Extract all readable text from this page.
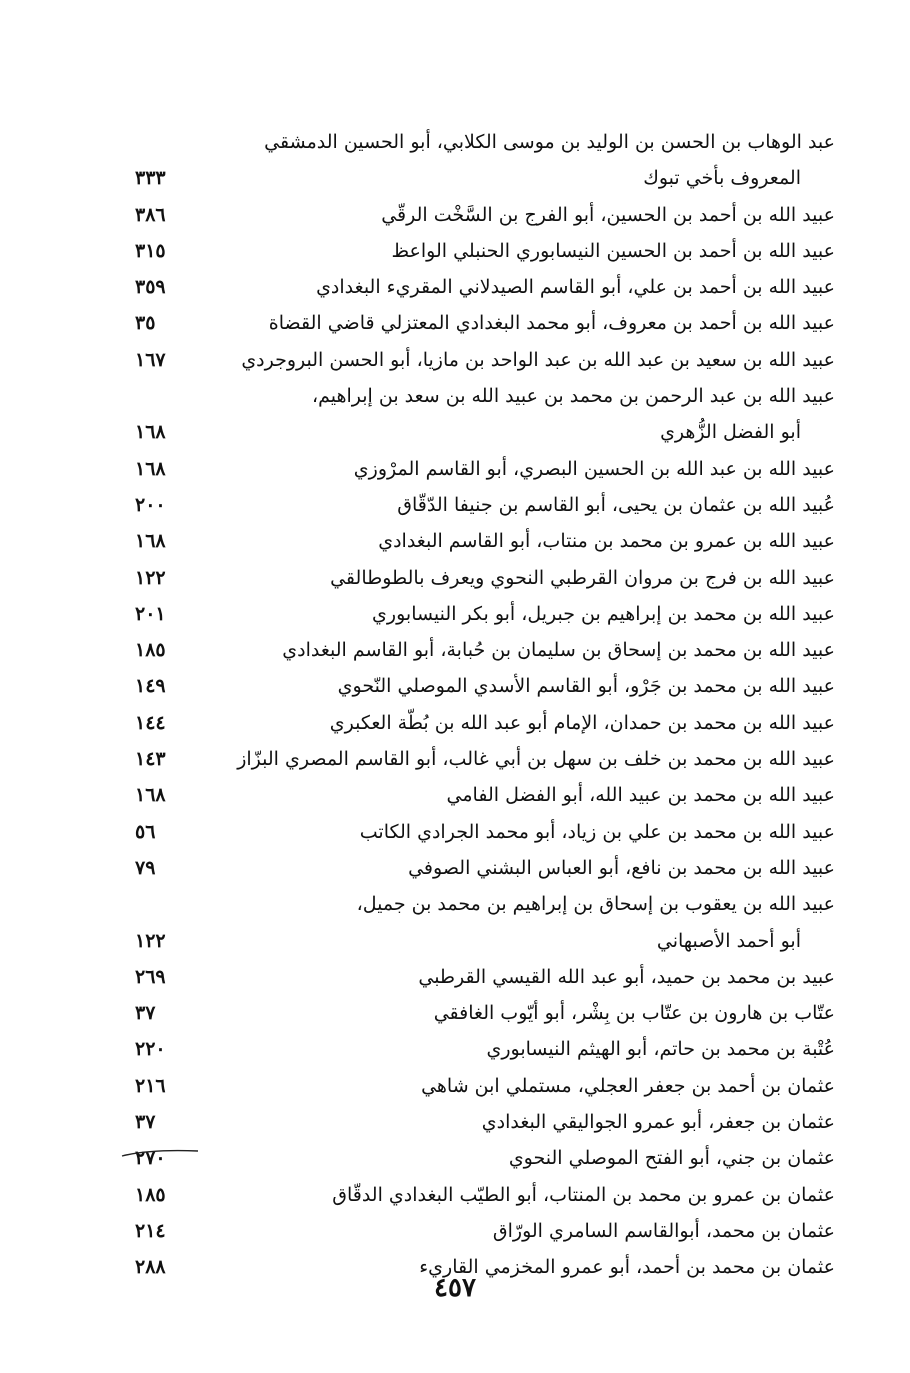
عبد الوهاب بن الحسن بن الوليد بن موسى الكلابي، أبو الحسين الدمشقي
المعروف بأخي تبوك
٣٣٣
عبيد الله بن أحمد بن الحسين، أبو الفرج بن السَّخْت الرقّي
٣٨٦
عبيد الله بن أحمد بن الحسين النيسابوري الحنبلي الواعظ
٣١٥
عبيد الله بن أحمد بن علي، أبو القاسم الصيدلاني المقريء البغدادي
٣٥٩
عبيد الله بن أحمد بن معروف، أبو محمد البغدادي المعتزلي قاضي القضاة
٣٥
عبيد الله بن سعيد بن عبد الله بن عبد الواحد بن مازيا، أبو الحسن البروجردي
١٦٧
عبيد الله بن عبد الرحمن بن محمد بن عبيد الله بن سعد بن إبراهيم،
أبو الفضل الزُّهري
١٦٨
عبيد الله بن عبد الله بن الحسين البصري، أبو القاسم المرْوزي
١٦٨
عُبيد الله بن عثمان بن يحيى، أبو القاسم بن جنيفا الدّقّاق
٢٠٠
عبيد الله بن عمرو بن محمد بن منتاب، أبو القاسم البغدادي
١٦٨
عبيد الله بن فرج بن مروان القرطبي النحوي ويعرف بالطوطالقي
١٢٢
عبيد الله بن محمد بن إبراهيم بن جبريل، أبو بكر النيسابوري
٢٠١
عبيد الله بن محمد بن إسحاق بن سليمان بن حُبابة، أبو القاسم البغدادي
١٨٥
عبيد الله بن محمد بن جَرْو، أبو القاسم الأسدي الموصلي النّحوي
١٤٩
عبيد الله بن محمد بن حمدان، الإمام أبو عبد الله بن بُطّة العكبري
١٤٤
عبيد الله بن محمد بن خلف بن سهل بن أبي غالب، أبو القاسم المصري البزّاز
١٤٣
عبيد الله بن محمد بن عبيد الله، أبو الفضل الفامي
١٦٨
عبيد الله بن محمد بن علي بن زياد، أبو محمد الجرادي الكاتب
٥٦
عبيد الله بن محمد بن نافع، أبو العباس البشني الصوفي
٧٩
عبيد الله بن يعقوب بن إسحاق بن إبراهيم بن محمد بن جميل،
أبو أحمد الأصبهاني
١٢٢
عبيد بن محمد بن حميد، أبو عبد الله القيسي القرطبي
٢٦٩
عتّاب بن هارون بن عتّاب بن بِشْر، أبو أيّوب الغافقي
٣٧
عُتْبة بن محمد بن حاتم، أبو الهيثم النيسابوري
٢٢٠
عثمان بن أحمد بن جعفر العجلي، مستملي ابن شاهي
٢١٦
عثمان بن جعفر، أبو عمرو الجواليقي البغدادي
٣٧
عثمان بن جني، أبو الفتح الموصلي النحوي
٢٧٠
عثمان بن عمرو بن محمد بن المنتاب، أبو الطيّب البغدادي الدقّاق
١٨٥
عثمان بن محمد، أبوالقاسم السامري الورّاق
٢١٤
عثمان بن محمد بن أحمد، أبو عمرو المخزمي القاريء
٢٨٨
٤٥٧
